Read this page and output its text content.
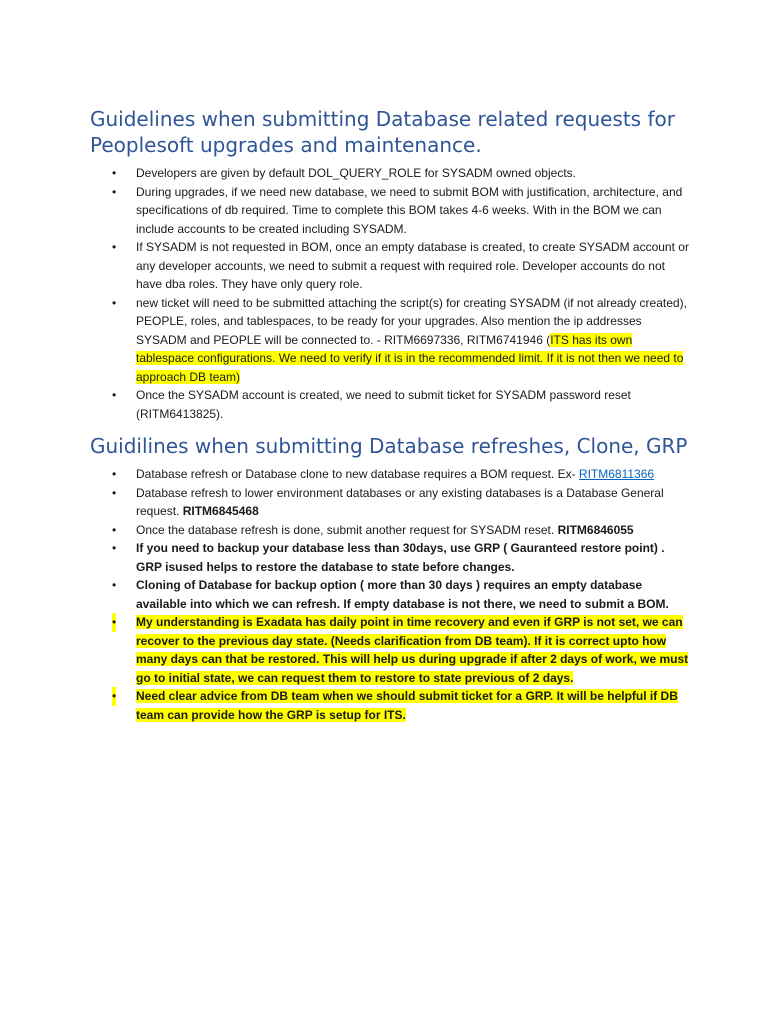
Guidelines when submitting Database related requests for Peoplesoft upgrades and maintenance.
• Developers are given by default DOL_QUERY_ROLE for SYSADM owned objects.
• During upgrades, if we need new database, we need to submit BOM with justification, architecture, and specifications of db required. Time to complete this BOM takes 4-6 weeks. With in the BOM we can include accounts to be created including SYSADM.
• If SYSADM is not requested in BOM, once an empty database is created, to create SYSADM account or any developer accounts, we need to submit a request with required role. Developer accounts do not have dba roles. They have only query role.
• new ticket will need to be submitted attaching the script(s) for creating SYSADM (if not already created), PEOPLE, roles, and tablespaces, to be ready for your upgrades. Also mention the ip addresses SYSADM and PEOPLE will be connected to. - RITM6697336, RITM6741946 (ITS has its own tablespace configurations. We need to verify if it is in the recommended limit. If it is not then we need to approach DB team)
• Once the SYSADM account is created, we need to submit ticket for SYSADM password reset (RITM6413825).
Guidilines when submitting Database refreshes, Clone, GRP
• Database refresh or Database clone to new database requires a BOM request. Ex- RITM6811366
• Database refresh to lower environment databases or any existing databases is a Database General request. RITM6845468
• Once the database refresh is done, submit another request for SYSADM reset. RITM6846055
• If you need to backup your database less than 30days, use GRP ( Gauranteed restore point) . GRP isused helps to restore the database to state before changes.
• Cloning of Database for backup option ( more than 30 days ) requires an empty database available into which we can refresh. If empty database is not there, we need to submit a BOM.
• My understanding is Exadata has daily point in time recovery and even if GRP is not set, we can recover to the previous day state. (Needs clarification from DB team). If it is correct upto how many days can that be restored. This will help us during upgrade if after 2 days of work, we must go to initial state, we can request them to restore to state previous of 2 days.
• Need clear advice from DB team when we should submit ticket for a GRP. It will be helpful if DB team can provide how the GRP is setup for ITS.
